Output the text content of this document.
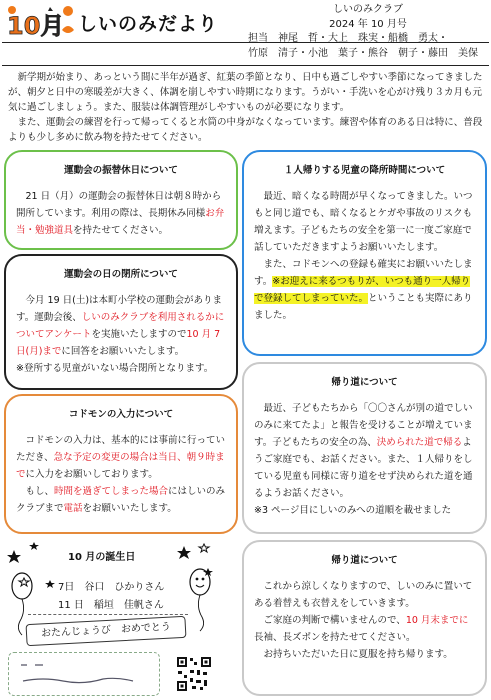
10月 しいのみだより
しいのみクラブ
2024 年 10 月号
担当　神尾　哲・大上　珠実・船橋　勇太・
竹原　清子・小池　葉子・熊谷　朝子・藤田　美保

新学期が始まり、あっという間に半年が過ぎ、紅葉の季節となり、日中も過ごしやすい季節になってきましたが、朝夕と日中の寒暖差が大きく、体調を崩しやすい時期になります。うがい・手洗いを心がけ残り３カ月も元気に過ごしましょう。また、服装は体調管理がしやすいものが必要になります。

また、運動会の練習を行って帰ってくると水筒の中身がなくなっています。練習や体育のある日は特に、普段よりも少し多めに飲み物を持たせてください。

運動会の振替休日について

21 日（月）の運動会の振替休日は朝８時から開所しています。利用の際は、長期休み同様お弁当・勉強道具を持たせてください。

運動会の日の閉所について

今月 19 日(土)は本町小学校の運動会があります。運動会後、しいのみクラブを利用されるかについてアンケートを実施いたしますので10 月 7 日(月)までに回答をお願いいたします。

※登所する児童がいない場合閉所となります。

コドモンの入力について

コドモンの入力は、基本的には事前に行っていただき、急な予定の変更の場合は当日、朝９時までに入力をお願いしております。

もし、時間を過ぎてしまった場合にはしいのみクラブまで電話をお願いいたします。

１人帰りする児童の降所時間について

最近、暗くなる時間が早くなってきました。いつもと同じ道でも、暗くなるとケガや事故のリスクも増えます。子どもたちの安全を第一に一度ご家庭で話していただきますようお願いいたします。

また、コドモンへの登録も確実にお願いいたします。※お迎えに来るつもりが、いつも通り一人帰りで登録してしまっていた。ということも実際にありました。

帰り道について

最近、子どもたちから「〇〇さんが別の道でしいのみに来てたよ」と報告を受けることが増えています。子どもたちの安全の為、決められた道で帰るようご家庭でも、お話ください。また、１人帰りをしている児童も同様に寄り道をせず決められた道を通るようお話ください。

※3 ページ目にしいのみへの道順を載せました

帰り道について

これから涼しくなりますので、しいのみに置いてある着替えも衣替えをしていきます。

ご家庭の判断で構いませんので、10 月末までに長袖、長ズボンを持たせてください。

お持ちいただいた日に夏服を持ち帰ります。

10 月の誕生日
7日　谷口　ひかりさん
11 日　稲垣　佳帆さん
おたんじょうび　おめでとう
